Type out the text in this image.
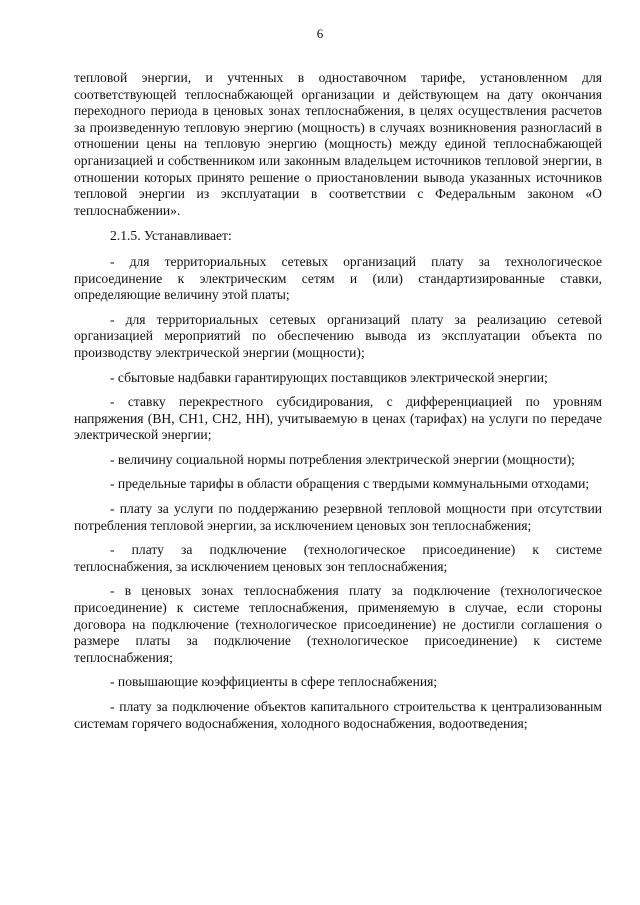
6

тепловой энергии, и учтенных в одноставочном тарифе, установленном для соответствующей теплоснабжающей организации и действующем на дату окончания переходного периода в ценовых зонах теплоснабжения, в целях осуществления расчетов за произведенную тепловую энергию (мощность) в случаях возникновения разногласий в отношении цены на тепловую энергию (мощность) между единой теплоснабжающей организацией и собственником или законным владельцем источников тепловой энергии, в отношении которых принято решение о приостановлении вывода указанных источников тепловой энергии из эксплуатации в соответствии с Федеральным законом «О теплоснабжении».

2.1.5. Устанавливает:

- для территориальных сетевых организаций плату за технологическое присоединение к электрическим сетям и (или) стандартизированные ставки, определяющие величину этой платы;

- для территориальных сетевых организаций плату за реализацию сетевой организацией мероприятий по обеспечению вывода из эксплуатации объекта по производству электрической энергии (мощности);

- сбытовые надбавки гарантирующих поставщиков электрической энергии;

- ставку перекрестного субсидирования, с дифференциацией по уровням напряжения (ВН, СН1, СН2, НН), учитываемую в ценах (тарифах) на услуги по передаче электрической энергии;

- величину социальной нормы потребления электрической энергии (мощности);

- предельные тарифы в области обращения с твердыми коммунальными отходами;

- плату за услуги по поддержанию резервной тепловой мощности при отсутствии потребления тепловой энергии, за исключением ценовых зон теплоснабжения;

- плату за подключение (технологическое присоединение) к системе теплоснабжения, за исключением ценовых зон теплоснабжения;

- в ценовых зонах теплоснабжения плату за подключение (технологическое присоединение) к системе теплоснабжения, применяемую в случае, если стороны договора на подключение (технологическое присоединение) не достигли соглашения о размере платы за подключение (технологическое присоединение) к системе теплоснабжения;

- повышающие коэффициенты в сфере теплоснабжения;

- плату за подключение объектов капитального строительства к централизованным системам горячего водоснабжения, холодного водоснабжения, водоотведения;
